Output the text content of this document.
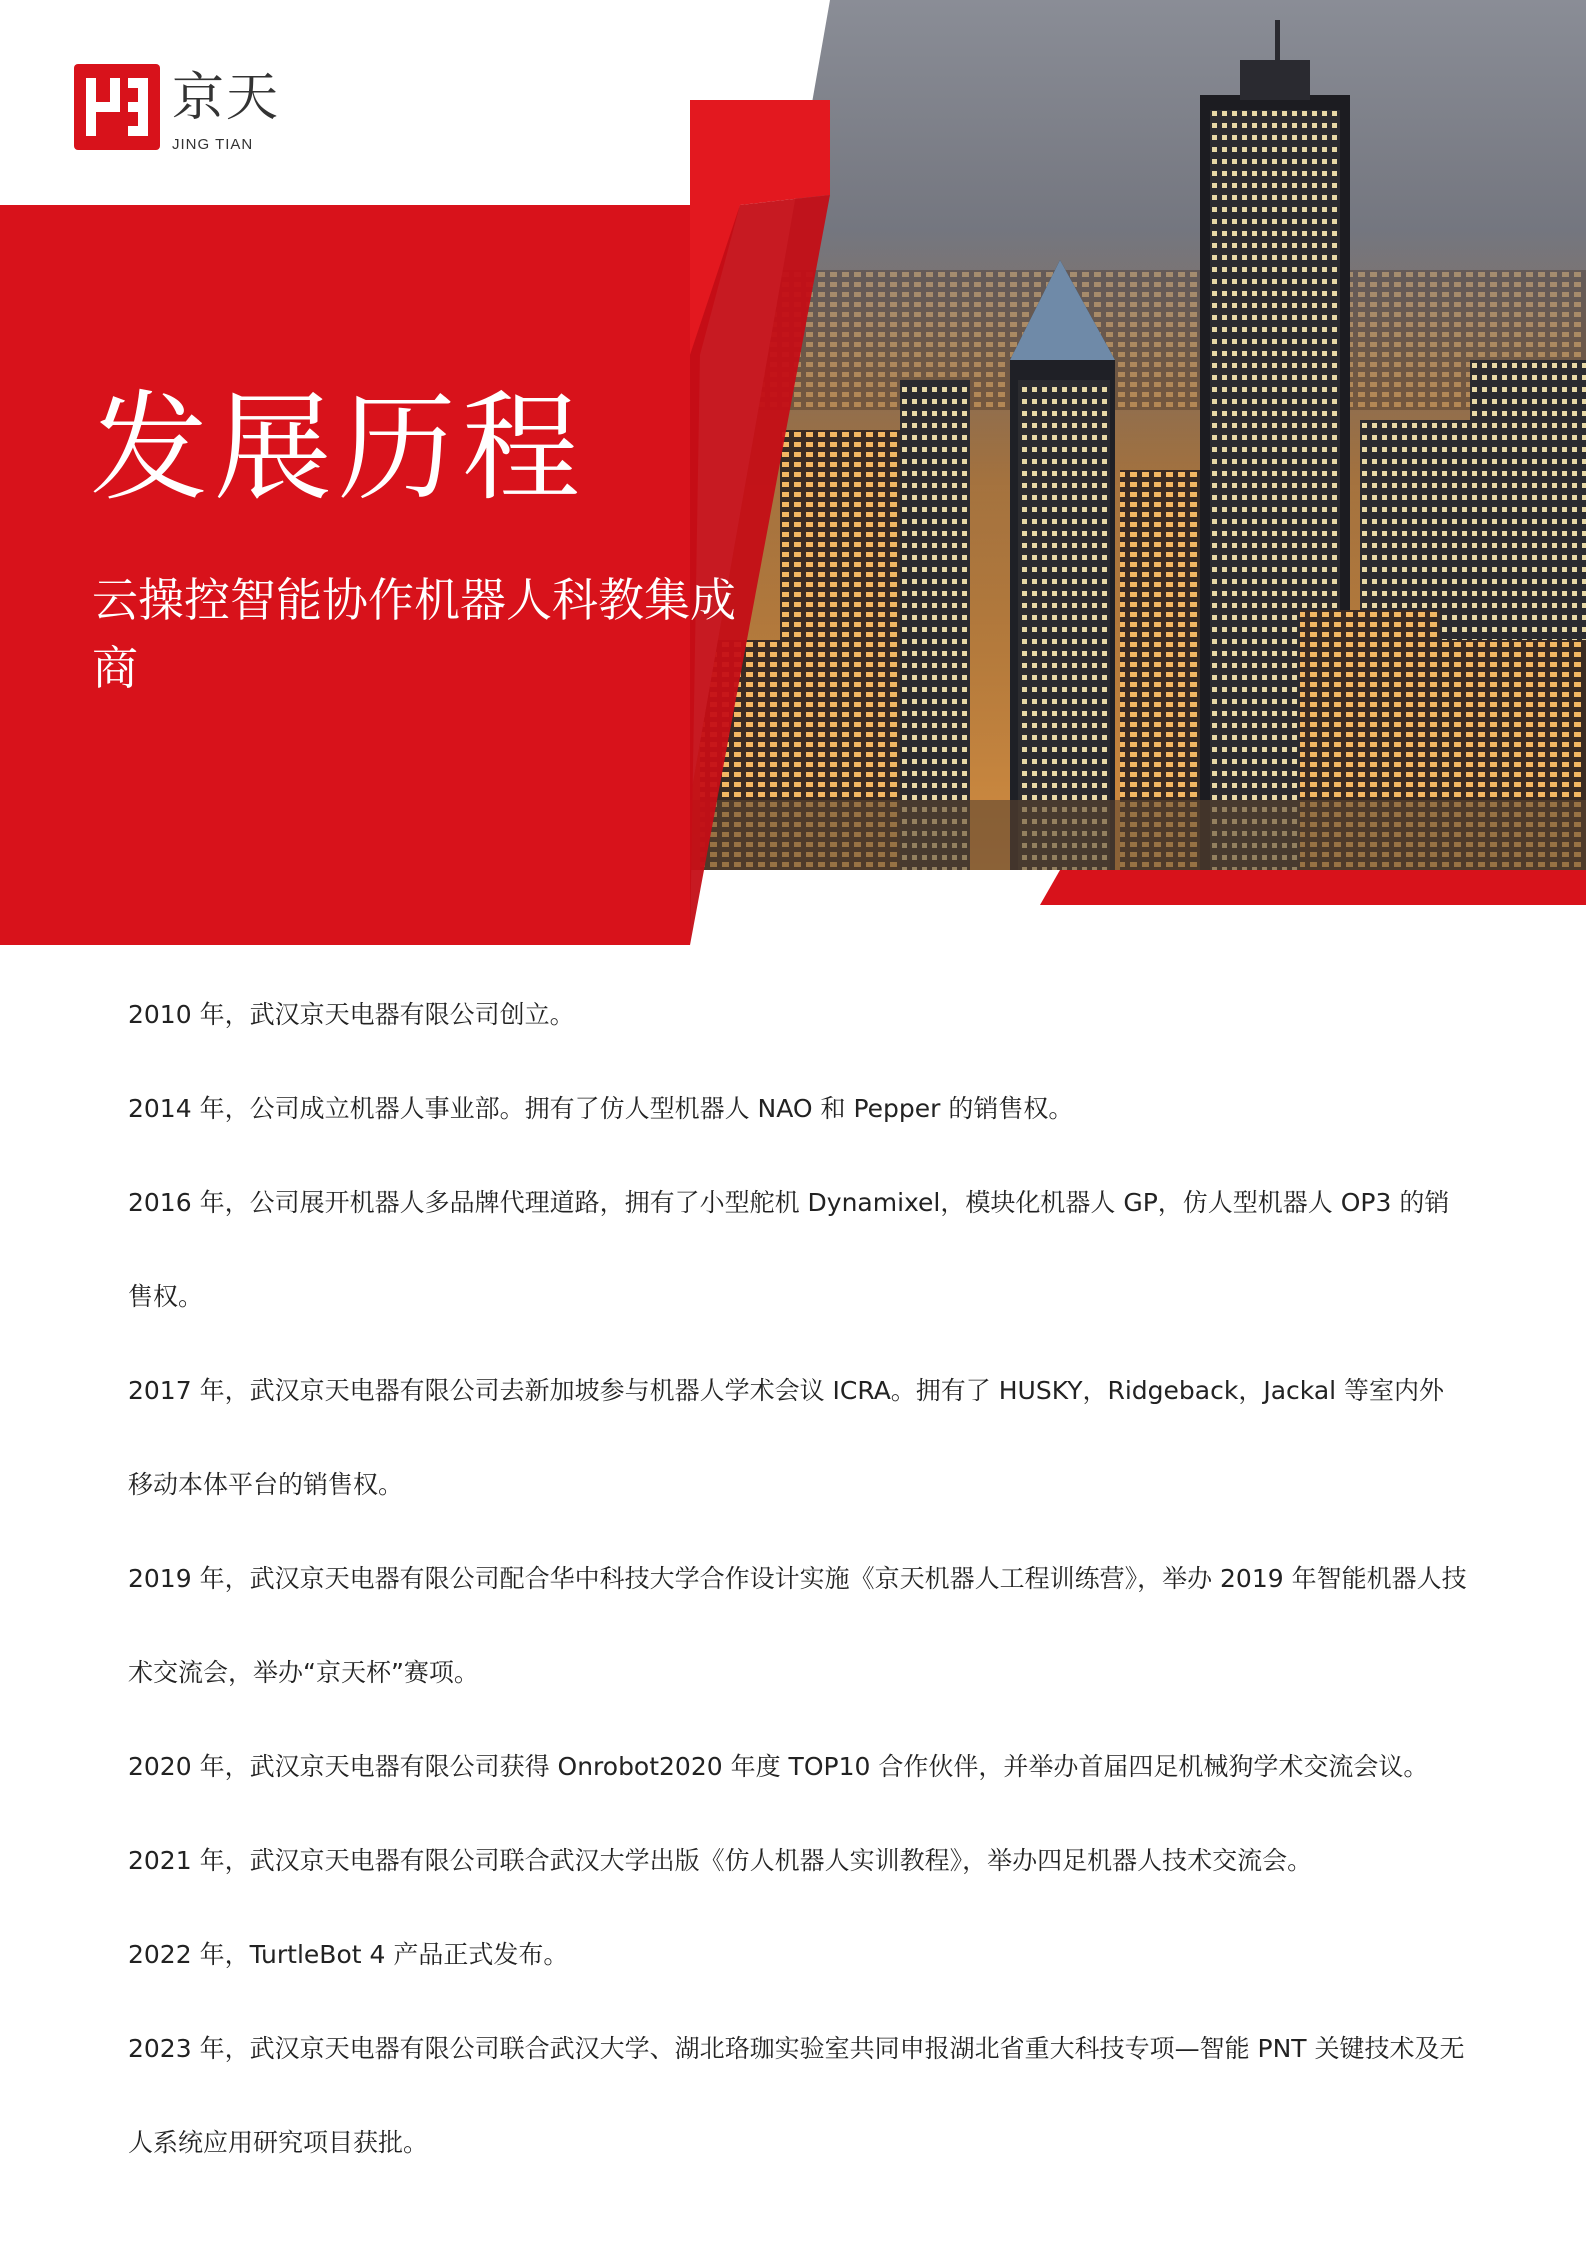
京天
JING TIAN
发展历程

云操控智能协作机器人科教集成商

2010 年，武汉京天电器有限公司创立。
2014 年，公司成立机器人事业部。拥有了仿人型机器人 NAO 和 Pepper 的销售权。
2016 年，公司展开机器人多品牌代理道路，拥有了小型舵机 Dynamixel，模块化机器人 GP，仿人型机器人 OP3 的销售权。
2017 年，武汉京天电器有限公司去新加坡参与机器人学术会议 ICRA。拥有了 HUSKY，Ridgeback，Jackal 等室内外移动本体平台的销售权。
2019 年，武汉京天电器有限公司配合华中科技大学合作设计实施《京天机器人工程训练营》，举办 2019 年智能机器人技术交流会，举办“京天杯”赛项。
2020 年，武汉京天电器有限公司获得 Onrobot2020 年度 TOP10 合作伙伴，并举办首届四足机械狗学术交流会议。
2021 年，武汉京天电器有限公司联合武汉大学出版《仿人机器人实训教程》，举办四足机器人技术交流会。
2022 年，TurtleBot 4 产品正式发布。
2023 年，武汉京天电器有限公司联合武汉大学、湖北珞珈实验室共同申报湖北省重大科技专项—智能 PNT 关键技术及无人系统应用研究项目获批。
